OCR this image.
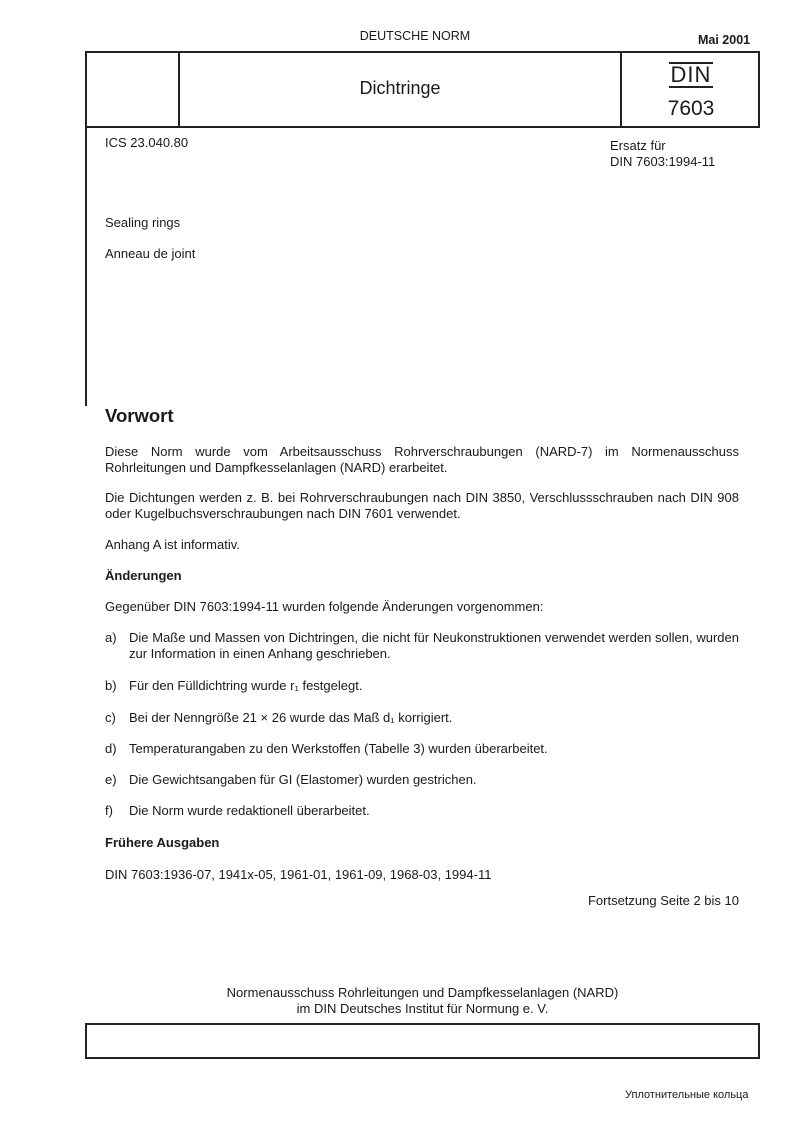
DEUTSCHE NORM	Mai 2001
Dichtringe
DIN
7603
ICS 23.040.80	Ersatz für
DIN 7603:1994-11
Sealing rings
Anneau de joint
Vorwort
Diese Norm wurde vom Arbeitsausschuss Rohrverschraubungen (NARD-7) im Normenausschuss Rohrleitungen und Dampfkesselanlagen (NARD) erarbeitet.
Die Dichtungen werden z. B. bei Rohrverschraubungen nach DIN 3850, Verschlussschrauben nach DIN 908 oder Kugelbuchsverschraubungen nach DIN 7601 verwendet.
Anhang A ist informativ.
Änderungen
Gegenüber DIN 7603:1994-11 wurden folgende Änderungen vorgenommen:
a) Die Maße und Massen von Dichtringen, die nicht für Neukonstruktionen verwendet werden sollen, wurden zur Information in einen Anhang geschrieben.
b) Für den Fülldichtring wurde r₁ festgelegt.
c) Bei der Nenngröße 21 × 26 wurde das Maß d₁ korrigiert.
d) Temperaturangaben zu den Werkstoffen (Tabelle 3) wurden überarbeitet.
e) Die Gewichtsangaben für GI (Elastomer) wurden gestrichen.
f) Die Norm wurde redaktionell überarbeitet.
Frühere Ausgaben
DIN 7603:1936-07, 1941x-05, 1961-01, 1961-09, 1968-03, 1994-11
Fortsetzung Seite 2 bis 10
Normenausschuss Rohrleitungen und Dampfkesselanlagen (NARD)
im DIN Deutsches Institut für Normung e. V.
Уплотнительные кольца
